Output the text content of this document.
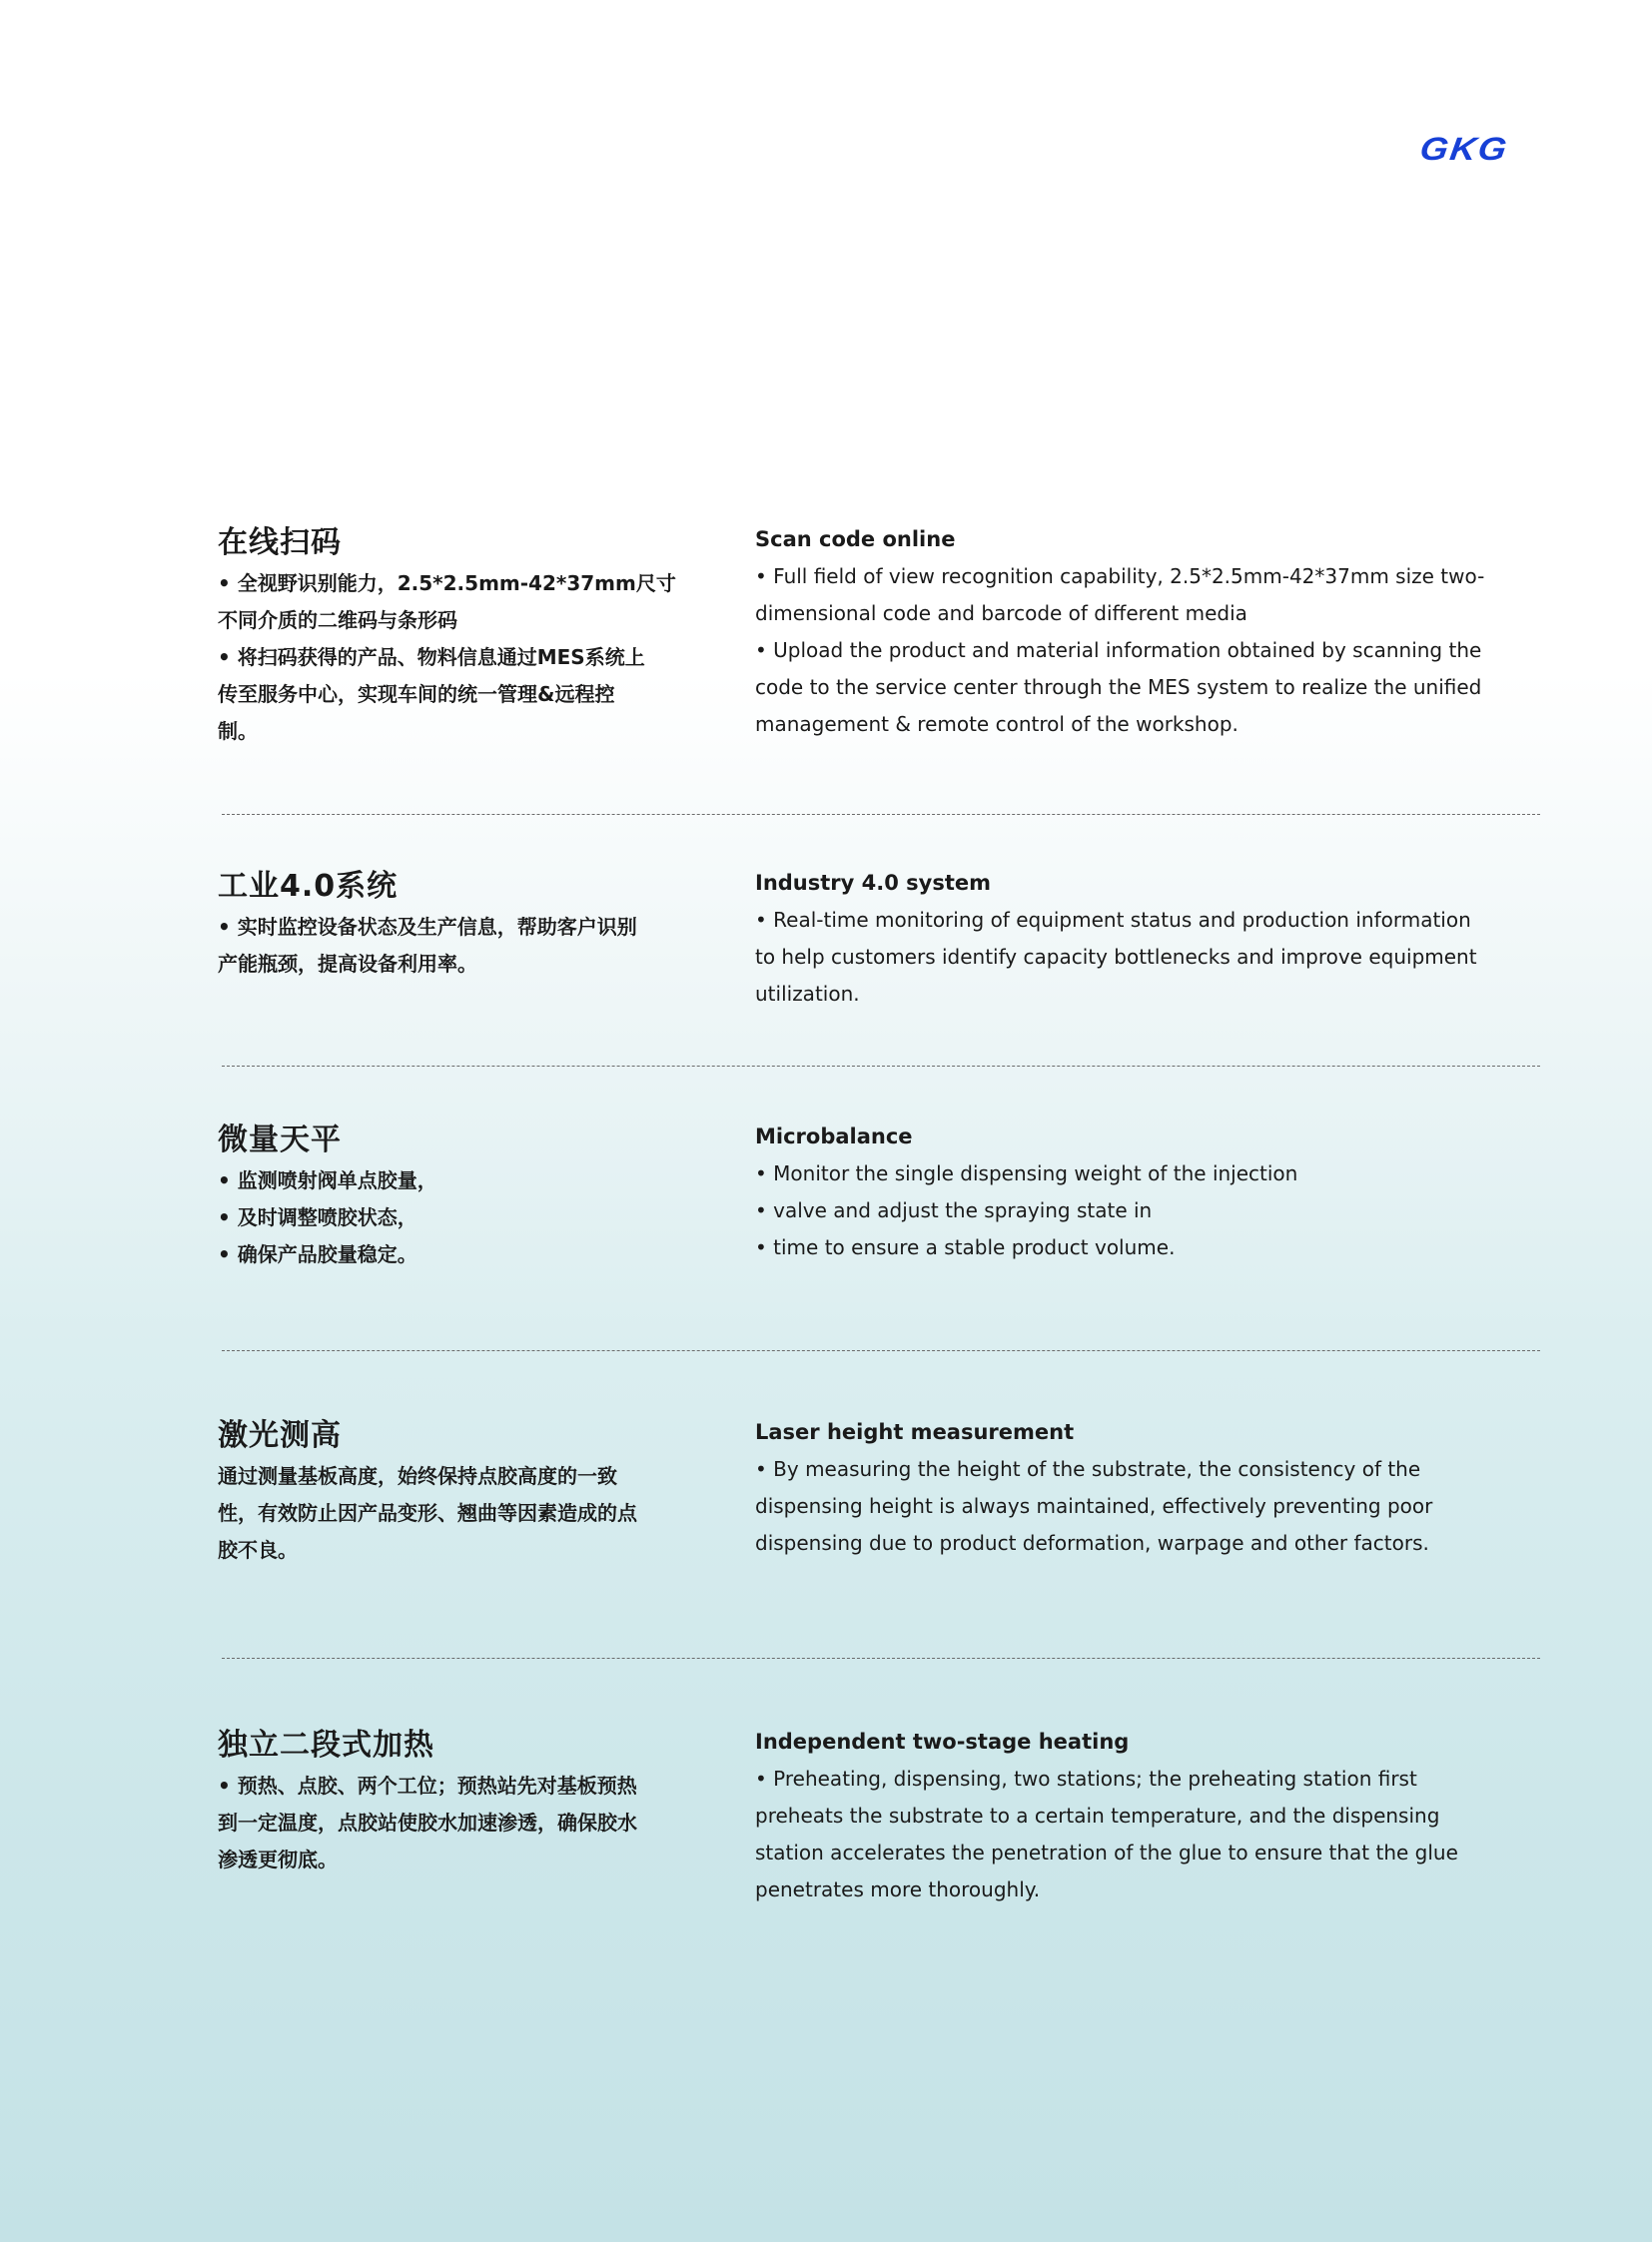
GKG
在线扫码
• 全视野识别能力，2.5*2.5mm-42*37mm尺寸
不同介质的二维码与条形码
• 将扫码获得的产品、物料信息通过MES系统上
传至服务中心，实现车间的统一管理&远程控
制。
Scan code online
• Full field of view recognition capability, 2.5*2.5mm-42*37mm size two-
dimensional code and barcode of different media
• Upload the product and material information obtained by scanning the
code to the service center through the MES system to realize the unified
management & remote control of the workshop.
工业4.0系统
• 实时监控设备状态及生产信息，帮助客户识别
产能瓶颈，提高设备利用率。
Industry 4.0 system
• Real-time monitoring of equipment status and production information
to help customers identify capacity bottlenecks and improve equipment
utilization.
微量天平
• 监测喷射阀单点胶量，
• 及时调整喷胶状态，
• 确保产品胶量稳定。
Microbalance
• Monitor the single dispensing weight of the injection
• valve and adjust the spraying state in
• time to ensure a stable product volume.
激光测高
通过测量基板高度，始终保持点胶高度的一致
性，有效防止因产品变形、翘曲等因素造成的点
胶不良。
Laser height measurement
• By measuring the height of the substrate, the consistency of the
dispensing height is always maintained, effectively preventing poor
dispensing due to product deformation, warpage and other factors.
独立二段式加热
• 预热、点胶、两个工位；预热站先对基板预热
到一定温度，点胶站使胶水加速渗透，确保胶水
渗透更彻底。
Independent two-stage heating
• Preheating, dispensing, two stations; the preheating station first
preheats the substrate to a certain temperature, and the dispensing
station accelerates the penetration of the glue to ensure that the glue
penetrates more thoroughly.
